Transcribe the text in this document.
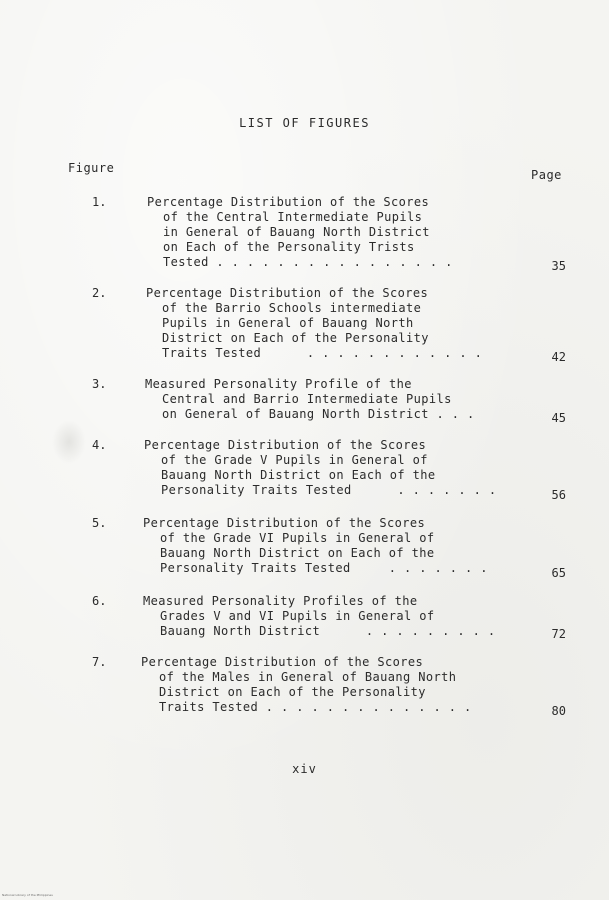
LIST OF FIGURES
Figure	Page
1.	Percentage Distribution of the Scores
of the Central Intermediate Pupils
in General of Bauang North District
on Each of the Personality Trists
Tested . . . . . . . . . . . . . . . .	35
2.	Percentage Distribution of the Scores
of the Barrio Schools intermediate
Pupils in General of Bauang North
District on Each of the Personality
Traits Tested      . . . . . . . . . . . .	42
3.	Measured Personality Profile of the
Central and Barrio Intermediate Pupils
on General of Bauang North District . . .	45
4.	Percentage Distribution of the Scores
of the Grade V Pupils in General of
Bauang North District on Each of the
Personality Traits Tested      . . . . . . .	56
5.	Percentage Distribution of the Scores
of the Grade VI Pupils in General of
Bauang North District on Each of the
Personality Traits Tested     . . . . . . .	65
6.	Measured Personality Profiles of the
Grades V and VI Pupils in General of
Bauang North District      . . . . . . . . .	72
7.	Percentage Distribution of the Scores
of the Males in General of Bauang North
District on Each of the Personality
Traits Tested . . . . . . . . . . . . . .	80
xiv
National Library of the Philippines
